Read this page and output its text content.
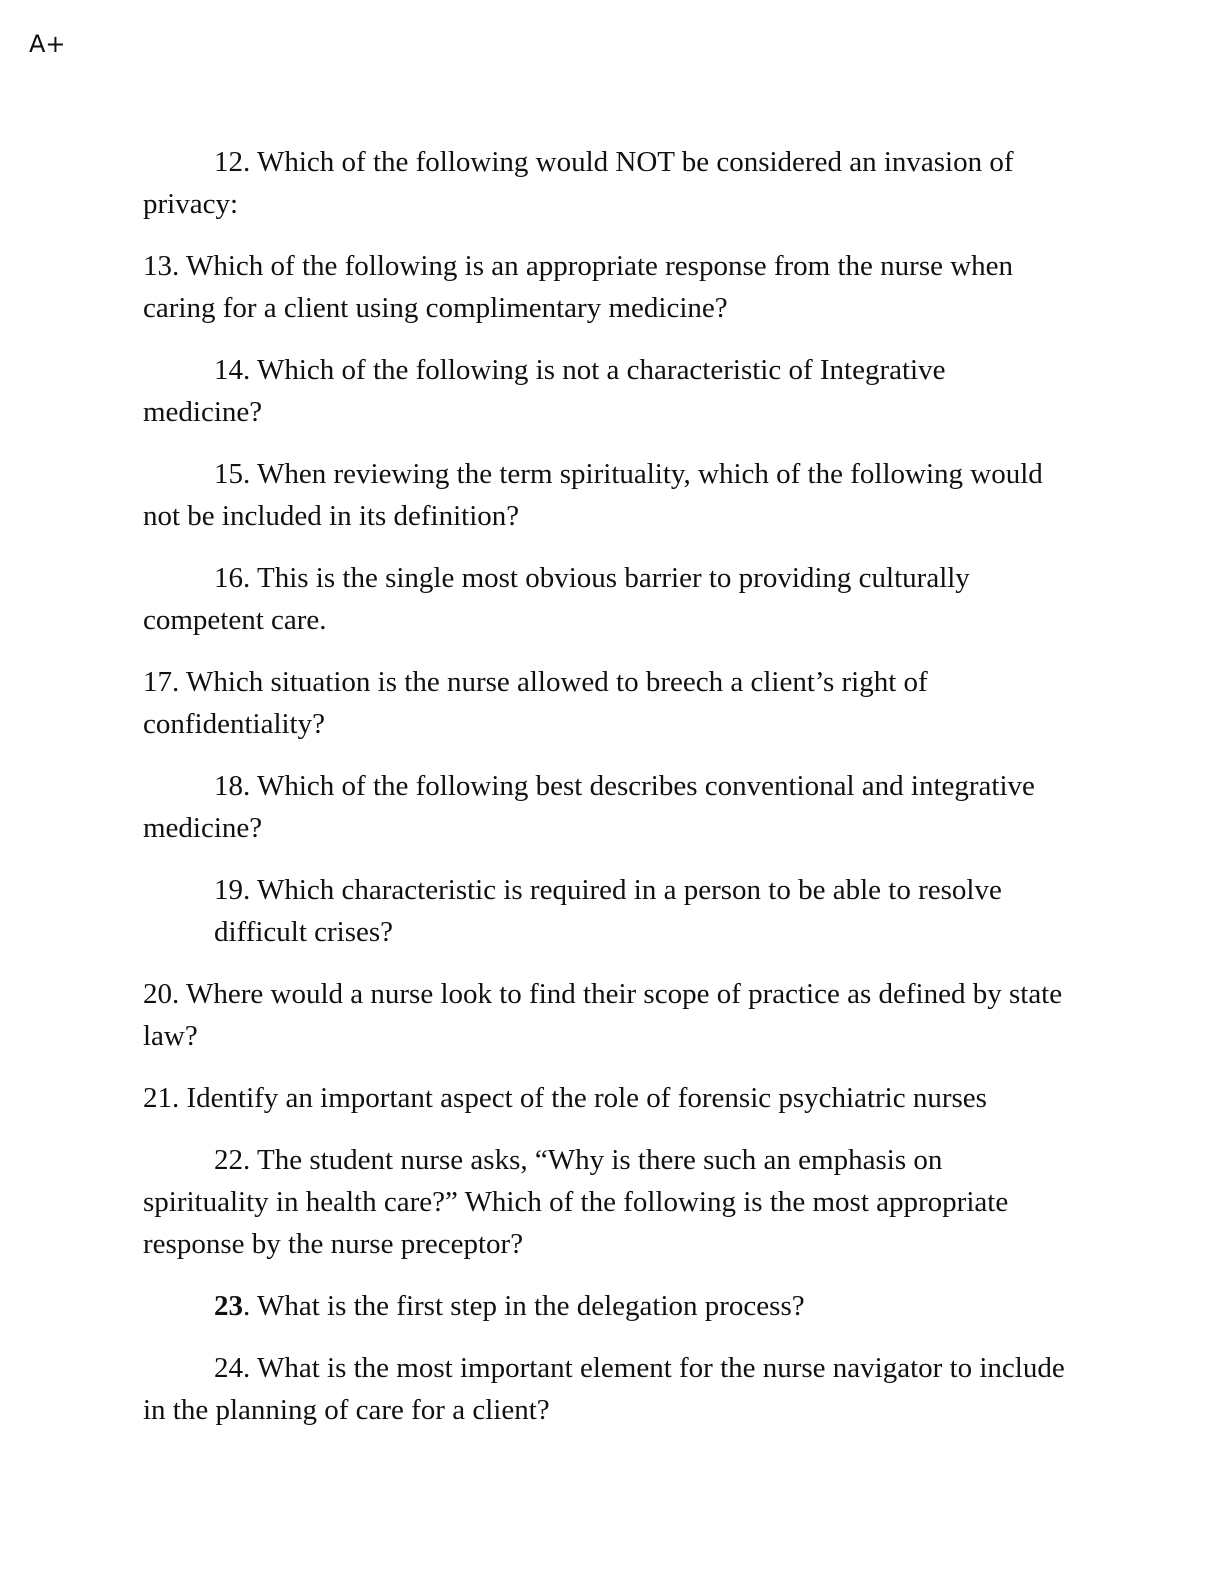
A+

12. Which of the following would NOT be considered an invasion of privacy:

13. Which of the following is an appropriate response from the nurse when caring for a client using complimentary medicine?

14. Which of the following is not a characteristic of Integrative medicine?

15. When reviewing the term spirituality, which of the following would not be included in its definition?

16. This is the single most obvious barrier to providing culturally competent care.

17. Which situation is the nurse allowed to breech a client’s right of confidentiality?

18. Which of the following best describes conventional and integrative medicine?

19. Which characteristic is required in a person to be able to resolve difficult crises?

20. Where would a nurse look to find their scope of practice as defined by state law?

21. Identify an important aspect of the role of forensic psychiatric nurses

22. The student nurse asks, “Why is there such an emphasis on spirituality in health care?” Which of the following is the most appropriate response by the nurse preceptor?

23. What is the first step in the delegation process?

24. What is the most important element for the nurse navigator to include in the planning of care for a client?
